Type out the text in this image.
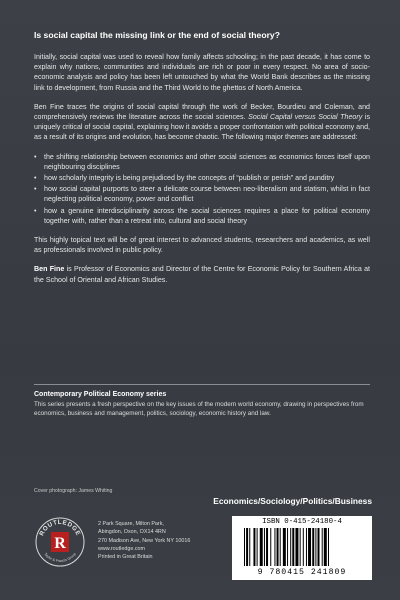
Is social capital the missing link or the end of social theory?

Initially, social capital was used to reveal how family affects schooling; in the past decade, it has come to explain why nations, communities and individuals are rich or poor in every respect. No area of socio-economic analysis and policy has been left untouched by what the World Bank describes as the missing link to development, from Russia and the Third World to the ghettos of North America.

Ben Fine traces the origins of social capital through the work of Becker, Bourdieu and Coleman, and comprehensively reviews the literature across the social sciences. Social Capital versus Social Theory is uniquely critical of social capital, explaining how it avoids a proper confrontation with political economy and, as a result of its origins and evolution, has become chaotic. The following major themes are addressed:

• the shifting relationship between economics and other social sciences as economics forces itself upon neighbouring disciplines
• how scholarly integrity is being prejudiced by the concepts of “publish or perish” and punditry
• how social capital purports to steer a delicate course between neo-liberalism and statism, whilst in fact neglecting political economy, power and conflict
• how a genuine interdisciplinarity across the social sciences requires a place for political economy together with, rather than a retreat into, cultural and social theory

This highly topical text will be of great interest to advanced students, researchers and academics, as well as professionals involved in public policy.

Ben Fine is Professor of Economics and Director of the Centre for Economic Policy for Southern Africa at the School of Oriental and African Studies.

Contemporary Political Economy series

This series presents a fresh perspective on the key issues of the modern world economy, drawing in perspectives from economics, business and management, politics, sociology, economic history and law.

Cover photograph: James Whiting
Economics/Sociology/Politics/Business
ROUTLEDGE
Taylor & Francis Group
R
2 Park Square, Milton Park,
Abingdon, Oxon, OX14 4RN
270 Madison Ave, New York NY 10016
www.routledge.com
Printed in Great Britain
ISBN 0-415-24180-4
9 780415 241809
